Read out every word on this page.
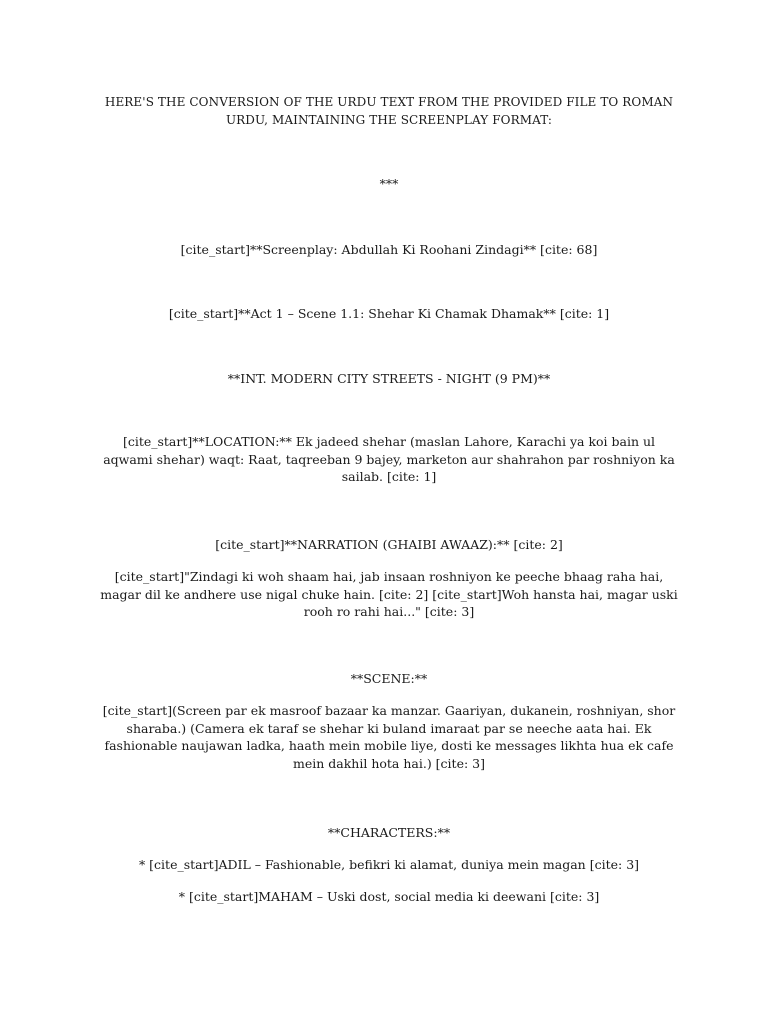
HERE'S THE CONVERSION OF THE URDU TEXT FROM THE PROVIDED FILE TO ROMAN URDU, MAINTAINING THE SCREENPLAY FORMAT:

***

[cite_start]**Screenplay: Abdullah Ki Roohani Zindagi** [cite: 68]

[cite_start]**Act 1 – Scene 1.1: Shehar Ki Chamak Dhamak** [cite: 1]

**INT. MODERN CITY STREETS - NIGHT (9 PM)**

[cite_start]**LOCATION:** Ek jadeed shehar (maslan Lahore, Karachi ya koi bain ul aqwami shehar) waqt: Raat, taqreeban 9 bajey, marketon aur shahrahon par roshniyon ka sailab. [cite: 1]

[cite_start]**NARRATION (GHAIBI AWAAZ):** [cite: 2]

[cite_start]"Zindagi ki woh shaam hai, jab insaan roshniyon ke peeche bhaag raha hai, magar dil ke andhere use nigal chuke hain. [cite: 2] [cite_start]Woh hansta hai, magar uski rooh ro rahi hai..." [cite: 3]

**SCENE:**

[cite_start](Screen par ek masroof bazaar ka manzar. Gaariyan, dukanein, roshniyan, shor sharaba.) (Camera ek taraf se shehar ki buland imaraat par se neeche aata hai. Ek fashionable naujawan ladka, haath mein mobile liye, dosti ke messages likhta hua ek cafe mein dakhil hota hai.) [cite: 3]

**CHARACTERS:**

* [cite_start]ADIL – Fashionable, befikri ki alamat, duniya mein magan [cite: 3]

* [cite_start]MAHAM – Uski dost, social media ki deewani [cite: 3]
